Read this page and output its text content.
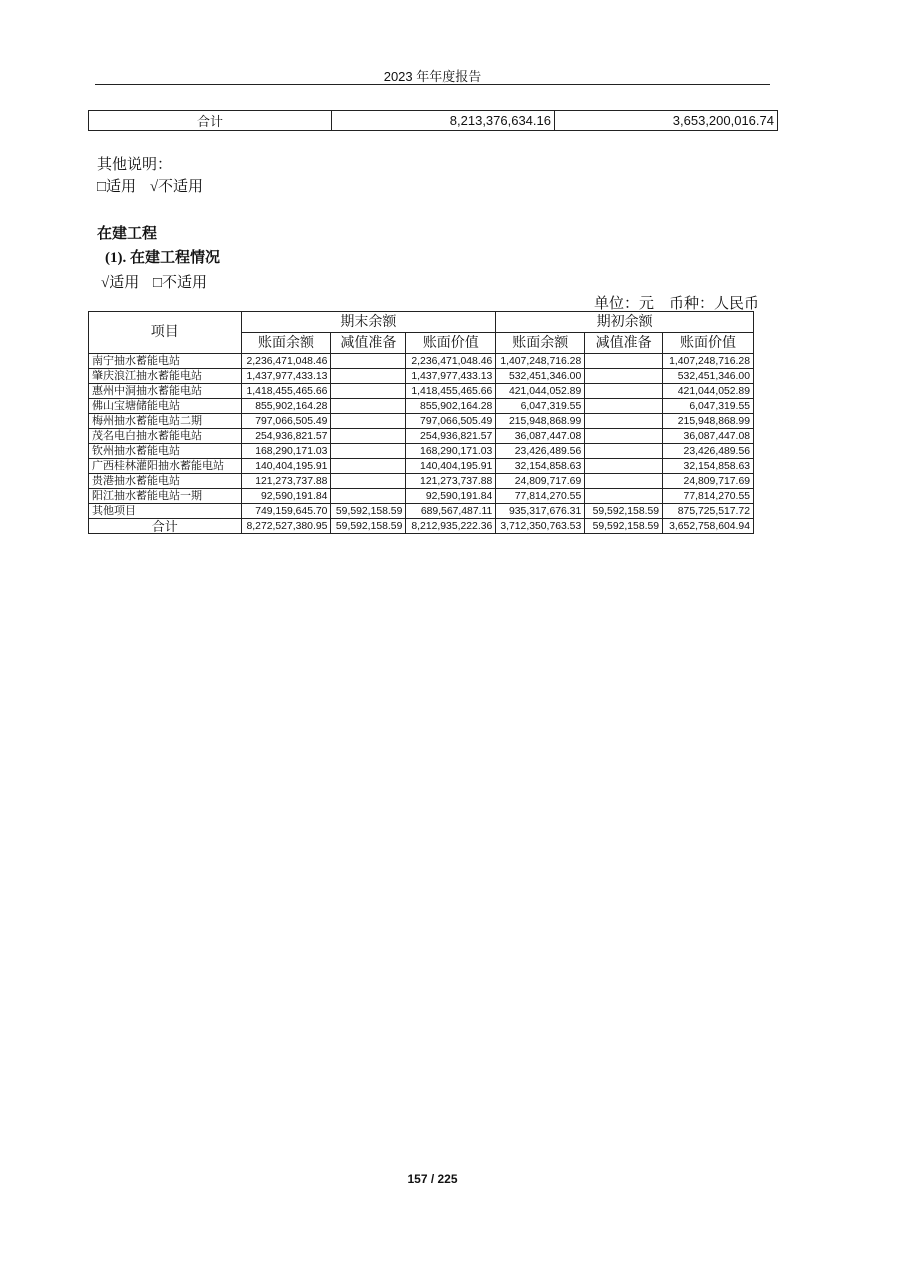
2023 年年度报告
合计	8,213,376,634.16	3,653,200,016.74
其他说明：
□适用 √不适用
在建工程
(1). 在建工程情况
√适用 □不适用
单位：元　币种：人民币
项目	期末余额			期初余额		
	账面余额	减值准备	账面价值	账面余额	减值准备	账面价值
南宁抽水蓄能电站	2,236,471,048.46		2,236,471,048.46	1,407,248,716.28		1,407,248,716.28
肇庆浪江抽水蓄能电站	1,437,977,433.13		1,437,977,433.13	532,451,346.00		532,451,346.00
惠州中洞抽水蓄能电站	1,418,455,465.66		1,418,455,465.66	421,044,052.89		421,044,052.89
佛山宝塘储能电站	855,902,164.28		855,902,164.28	6,047,319.55		6,047,319.55
梅州抽水蓄能电站二期	797,066,505.49		797,066,505.49	215,948,868.99		215,948,868.99
茂名电白抽水蓄能电站	254,936,821.57		254,936,821.57	36,087,447.08		36,087,447.08
钦州抽水蓄能电站	168,290,171.03		168,290,171.03	23,426,489.56		23,426,489.56
广西桂林灌阳抽水蓄能电站	140,404,195.91		140,404,195.91	32,154,858.63		32,154,858.63
贵港抽水蓄能电站	121,273,737.88		121,273,737.88	24,809,717.69		24,809,717.69
阳江抽水蓄能电站一期	92,590,191.84		92,590,191.84	77,814,270.55		77,814,270.55
其他项目	749,159,645.70	59,592,158.59	689,567,487.11	935,317,676.31	59,592,158.59	875,725,517.72
合计	8,272,527,380.95	59,592,158.59	8,212,935,222.36	3,712,350,763.53	59,592,158.59	3,652,758,604.94
157 / 225
